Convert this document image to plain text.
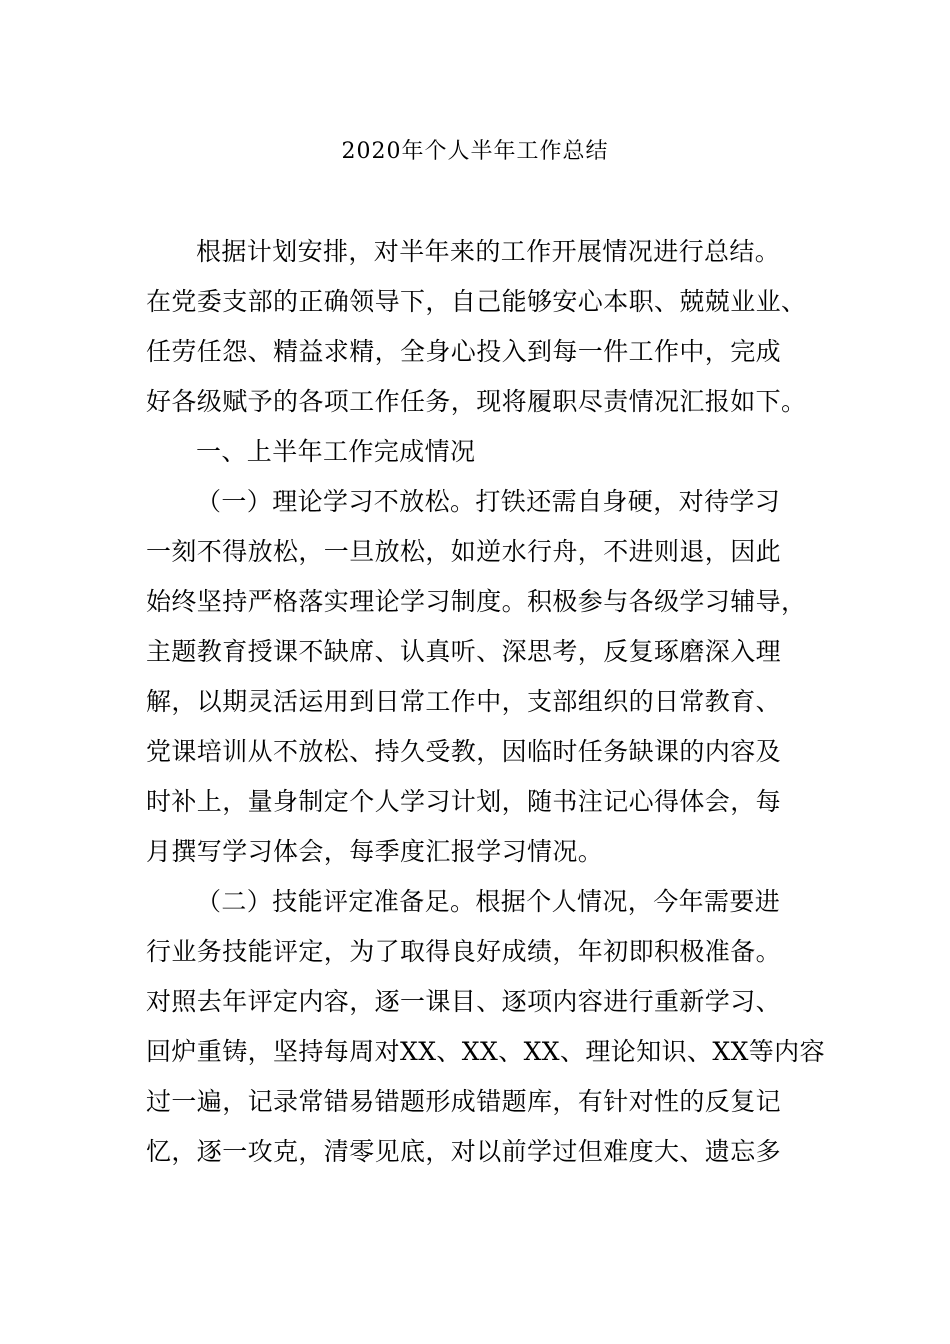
2020年个人半年工作总结
根据计划安排，对半年来的工作开展情况进行总结。
在党委支部的正确领导下，自己能够安心本职、兢兢业业、
任劳任怨、精益求精，全身心投入到每一件工作中，完成
好各级赋予的各项工作任务，现将履职尽责情况汇报如下。
一、上半年工作完成情况
（一）理论学习不放松。打铁还需自身硬，对待学习
一刻不得放松，一旦放松，如逆水行舟，不进则退，因此
始终坚持严格落实理论学习制度。积极参与各级学习辅导，
主题教育授课不缺席、认真听、深思考，反复琢磨深入理
解，以期灵活运用到日常工作中，支部组织的日常教育、
党课培训从不放松、持久受教，因临时任务缺课的内容及
时补上，量身制定个人学习计划，随书注记心得体会，每
月撰写学习体会，每季度汇报学习情况。
（二）技能评定准备足。根据个人情况，今年需要进
行业务技能评定，为了取得良好成绩，年初即积极准备。
对照去年评定内容，逐一课目、逐项内容进行重新学习、
回炉重铸，坚持每周对XX、XX、XX、理论知识、XX等内容
过一遍，记录常错易错题形成错题库，有针对性的反复记
忆，逐一攻克，清零见底，对以前学过但难度大、遗忘多
